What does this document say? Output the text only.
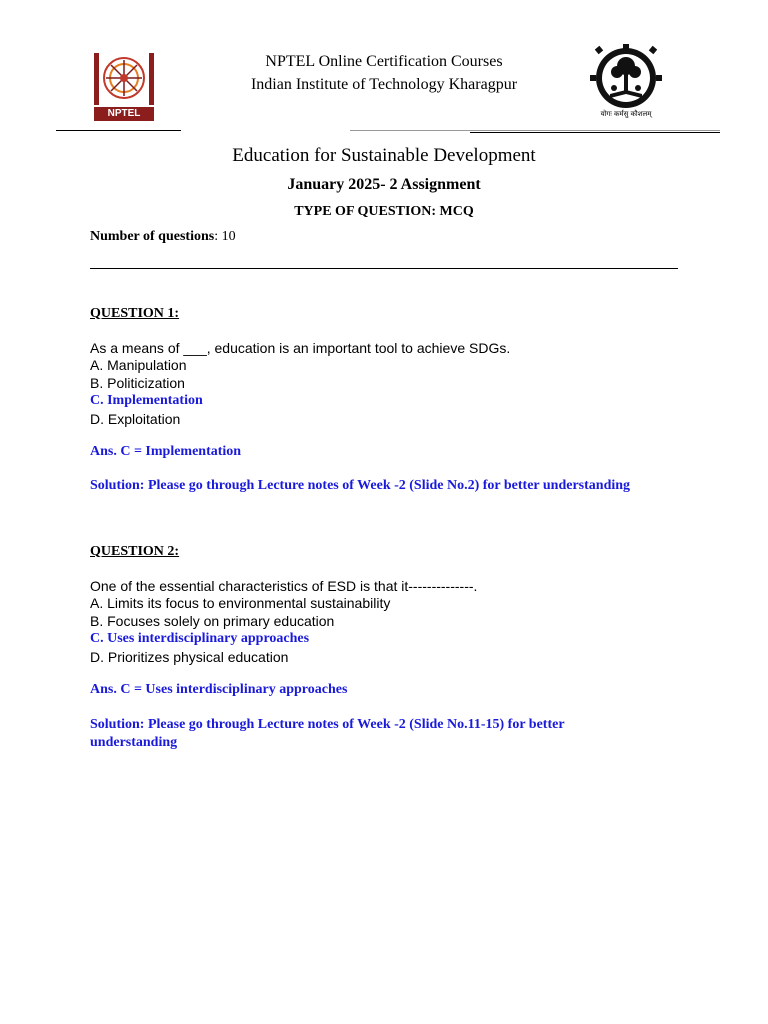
NPTEL	योगः कर्मसु कौशलम्
NPTEL Online Certification Courses
Indian Institute of Technology Kharagpur
Education for Sustainable Development
January 2025- 2 Assignment
TYPE OF QUESTION: MCQ
Number of questions: 10
QUESTION 1:
As a means of ___, education is an important tool to achieve SDGs.
A. Manipulation
B. Politicization
C. Implementation
D. Exploitation
Ans. C = Implementation
Solution: Please go through Lecture notes of Week -2 (Slide No.2) for better understanding
QUESTION 2:
One of the essential characteristics of ESD is that it--------------.
A. Limits its focus to environmental sustainability
B. Focuses solely on primary education
C. Uses interdisciplinary approaches
D. Prioritizes physical education
Ans. C = Uses interdisciplinary approaches
Solution: Please go through Lecture notes of Week -2 (Slide No.11-15) for better understanding
